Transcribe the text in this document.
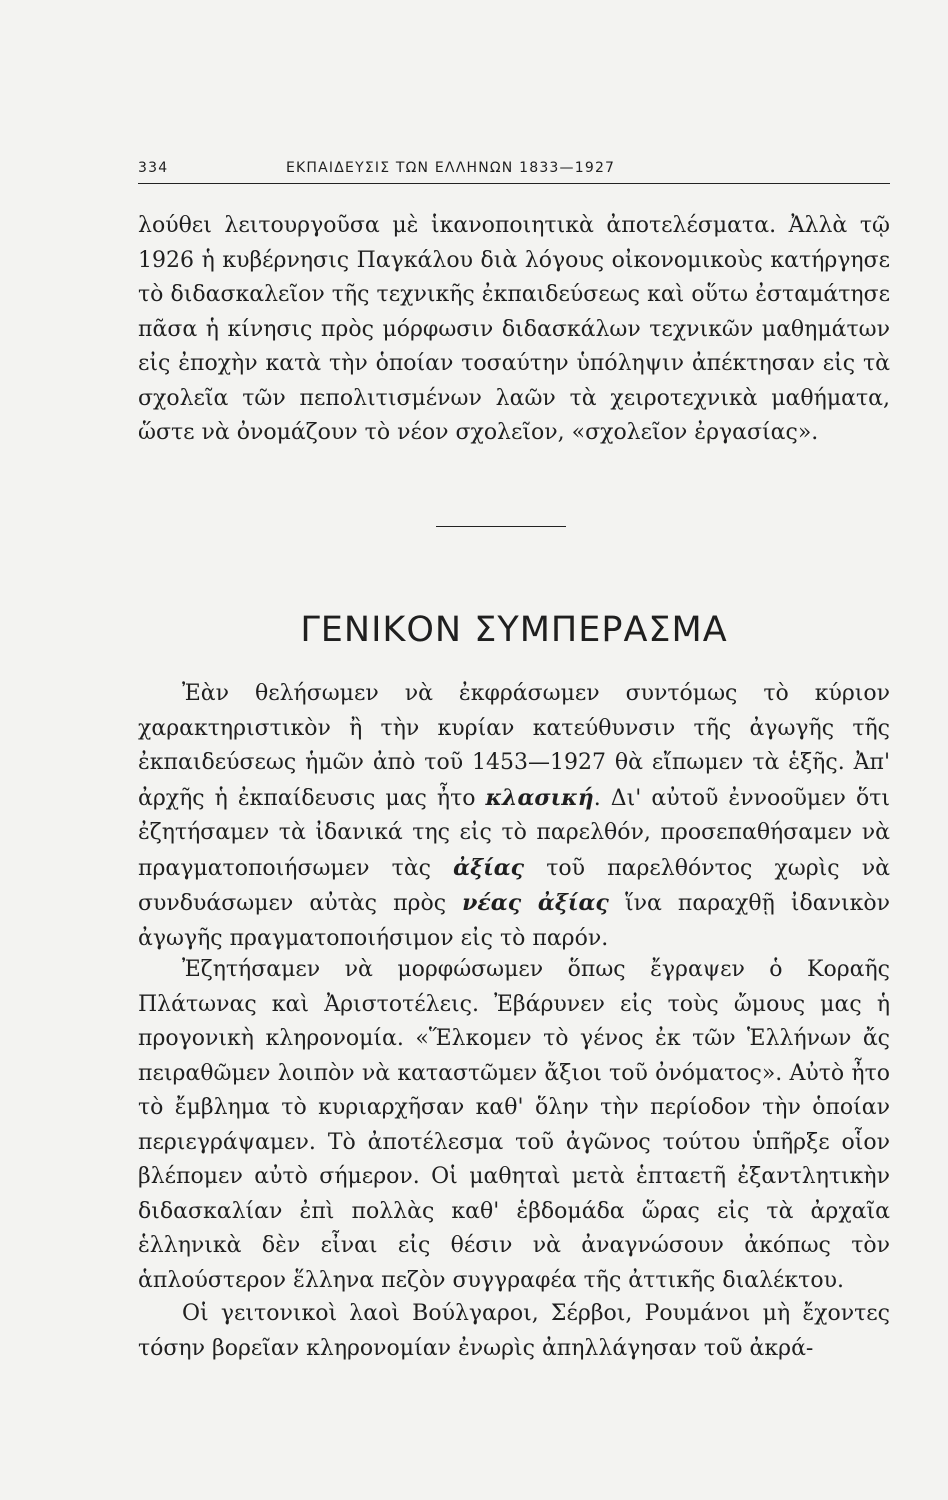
334	ΕΚΠΑΙΔΕΥΣΙΣ ΤΩΝ ΕΛΛΗΝΩΝ 1833—1927

λούθει λειτουργοῦσα μὲ ἱκανοποιητικὰ ἀποτελέσματα. Ἀλλὰ τῷ 1926 ἡ κυβέρνησις Παγκάλου διὰ λόγους οἰκονομικοὺς κατήργησε τὸ διδασκαλεῖον τῆς τεχνικῆς ἐκπαιδεύσεως καὶ οὕτω ἐσταμάτησε πᾶσα ἡ κίνησις πρὸς μόρφωσιν διδασκάλων τεχνικῶν μαθημάτων εἰς ἐποχὴν κατὰ τὴν ὁποίαν τοσαύτην ὑπόληψιν ἀπέκτησαν εἰς τὰ σχολεῖα τῶν πεπολιτισμένων λαῶν τὰ χειροτεχνικὰ μαθήματα, ὥστε νὰ ὀνομάζουν τὸ νέον σχολεῖον, «σχολεῖον ἐργασίας».

ΓΕΝΙΚΟΝ ΣΥΜΠΕΡΑΣΜΑ

Ἐὰν θελήσωμεν νὰ ἐκφράσωμεν συντόμως τὸ κύριον χαρακτηριστικὸν ἢ τὴν κυρίαν κατεύθυνσιν τῆς ἀγωγῆς τῆς ἐκπαιδεύσεως ἡμῶν ἀπὸ τοῦ 1453—1927 θὰ εἴπωμεν τὰ ἑξῆς. Ἀπ' ἀρχῆς ἡ ἐκπαίδευσις μας ἦτο κλασική. Δι' αὐτοῦ ἐννοοῦμεν ὅτι ἐζητήσαμεν τὰ ἰδανικά της εἰς τὸ παρελθόν, προσεπαθήσαμεν νὰ πραγματοποιήσωμεν τὰς ἀξίας τοῦ παρελθόντος χωρὶς νὰ συνδυάσωμεν αὐτὰς πρὸς νέας ἀξίας ἵνα παραχθῇ ἰδανικὸν ἀγωγῆς πραγματοποιήσιμον εἰς τὸ παρόν.

Ἐζητήσαμεν νὰ μορφώσωμεν ὅπως ἔγραψεν ὁ Κοραῆς Πλάτωνας καὶ Ἀριστοτέλεις. Ἐβάρυνεν εἰς τοὺς ὤμους μας ἡ προγονικὴ κληρονομία. «Ἕλκομεν τὸ γένος ἐκ τῶν Ἑλλήνων ἄς πειραθῶμεν λοιπὸν νὰ καταστῶμεν ἄξιοι τοῦ ὀνόματος». Αὐτὸ ἦτο τὸ ἔμβλημα τὸ κυριαρχῆσαν καθ' ὅλην τὴν περίοδον τὴν ὁποίαν περιεγράψαμεν. Τὸ ἀποτέλεσμα τοῦ ἀγῶνος τούτου ὑπῆρξε οἷον βλέπομεν αὐτὸ σήμερον. Οἱ μαθηταὶ μετὰ ἑπταετῆ ἐξαντλητικὴν διδασκαλίαν ἐπὶ πολλὰς καθ' ἑβδομάδα ὥρας εἰς τὰ ἀρχαῖα ἑλληνικὰ δὲν εἶναι εἰς θέσιν νὰ ἀναγνώσουν ἀκόπως τὸν ἁπλούστερον ἕλληνα πεζὸν συγγραφέα τῆς ἀττικῆς διαλέκτου.

Οἱ γειτονικοὶ λαοὶ Βούλγαροι, Σέρβοι, Ρουμάνοι μὴ ἔχοντες τόσην βορεῖαν κληρονομίαν ἐνωρὶς ἀπηλλάγησαν τοῦ ἀκρά-
